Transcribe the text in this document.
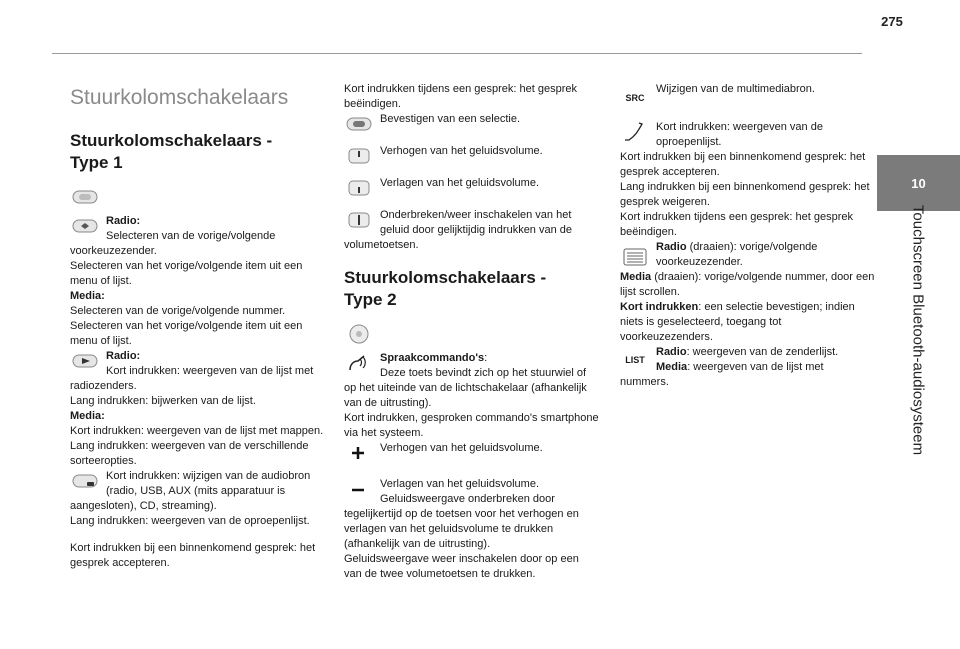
275
10
Touchscreen Bluetooth-audiosysteem
Stuurkolomschakelaars
Stuurkolomschakelaars -
Type 1

Radio:

Selecteren van de vorige/volgende

voorkeuzezender.

Selecteren van het vorige/volgende item uit een menu of lijst.

Media:

Selecteren van de vorige/volgende nummer.

Selecteren van het vorige/volgende item uit een menu of lijst.

Radio:

Kort indrukken: weergeven van de lijst met

radiozenders.

Lang indrukken: bijwerken van de lijst.

Media:

Kort indrukken: weergeven van de lijst met mappen.

Lang indrukken: weergeven van de verschillende sorteeropties.

Kort indrukken: wijzigen van de audiobron

(radio, USB, AUX (mits apparatuur is

aangesloten), CD, streaming).

Lang indrukken: weergeven van de oproepenlijst.

Kort indrukken bij een binnenkomend gesprek: het gesprek accepteren.

Kort indrukken tijdens een gesprek: het gesprek beëindigen.

Bevestigen van een selectie.

Verhogen van het geluidsvolume.

Verlagen van het geluidsvolume.

Onderbreken/weer inschakelen van het

geluid door gelijktijdig indrukken van de

volumetoetsen.

Stuurkolomschakelaars -
Type 2

Spraakcommando's:

Deze toets bevindt zich op het stuurwiel of

op het uiteinde van de lichtschakelaar (afhankelijk van de uitrusting).

Kort indrukken, gesproken commando's smartphone via het systeem.

Verhogen van het geluidsvolume.

Verlagen van het geluidsvolume.

Geluidsweergave onderbreken door

tegelijkertijd op de toetsen voor het verhogen en verlagen van het geluidsvolume te drukken (afhankelijk van de uitrusting).

Geluidsweergave weer inschakelen door op een van de twee volumetoetsen te drukken.

SRC

Wijzigen van de multimediabron.

Kort indrukken: weergeven van de

oproepenlijst.

Kort indrukken bij een binnenkomend gesprek: het gesprek accepteren.

Lang indrukken bij een binnenkomend gesprek: het gesprek weigeren.

Kort indrukken tijdens een gesprek: het gesprek beëindigen.

Radio (draaien): vorige/volgende

voorkeuzezender.

Media (draaien): vorige/volgende nummer, door een lijst scrollen.

Kort indrukken: een selectie bevestigen; indien niets is geselecteerd, toegang tot voorkeuzezenders.

LIST

Radio: weergeven van de zenderlijst.

Media: weergeven van de lijst met

nummers.
